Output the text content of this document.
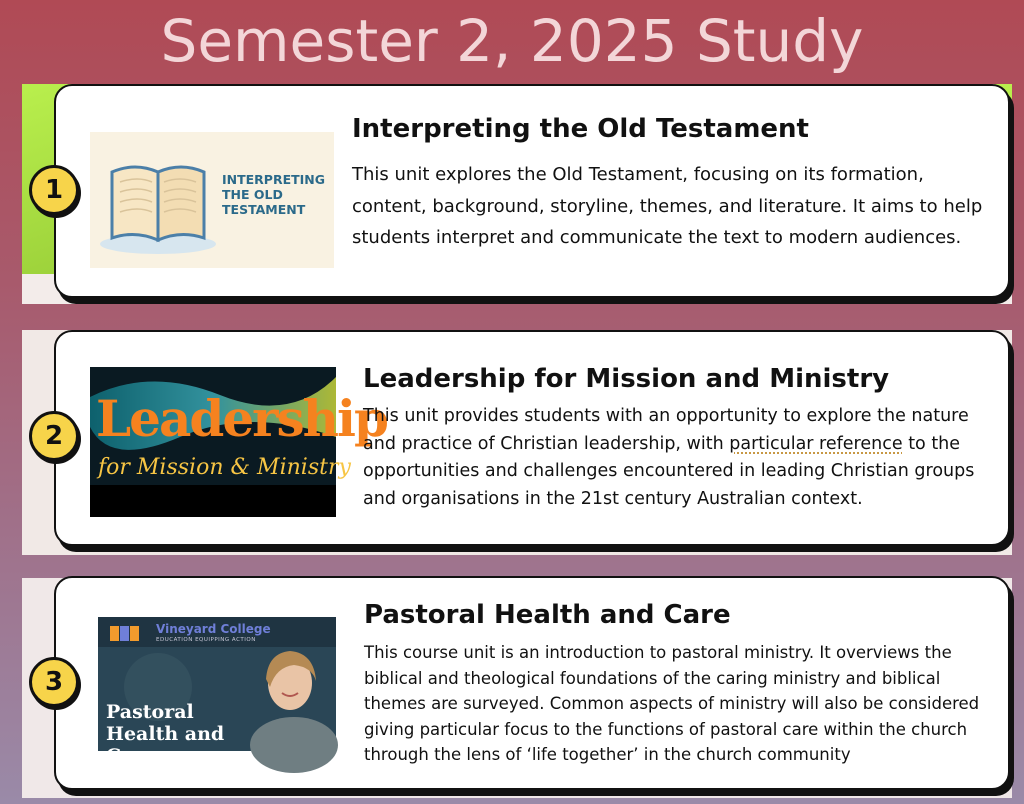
Semester 2, 2025 Study
1	INTERPRETING THE OLD TESTAMENT
Interpreting the Old Testament
This unit explores the Old Testament, focusing on its formation, content, background, storyline, themes, and literature. It aims to help students interpret and communicate the text to modern audiences.
2 Leadership
for Mission & Ministry
Leadership for Mission and Ministry
This unit provides students with an opportunity to explore the nature and practice of Christian leadership, with particular reference to the opportunities and challenges encountered in leading Christian groups and organisations in the 21st century Australian context.
3
Vineyard College
EDUCATION EQUIPPING ACTION
Pastoral Health and Care
Pastoral Health and Care
This course unit is an introduction to pastoral ministry. It overviews the biblical and theological foundations of the caring ministry and biblical themes are surveyed. Common aspects of ministry will also be considered giving particular focus to the functions of pastoral care within the church through the lens of ‘life together’ in the church community
